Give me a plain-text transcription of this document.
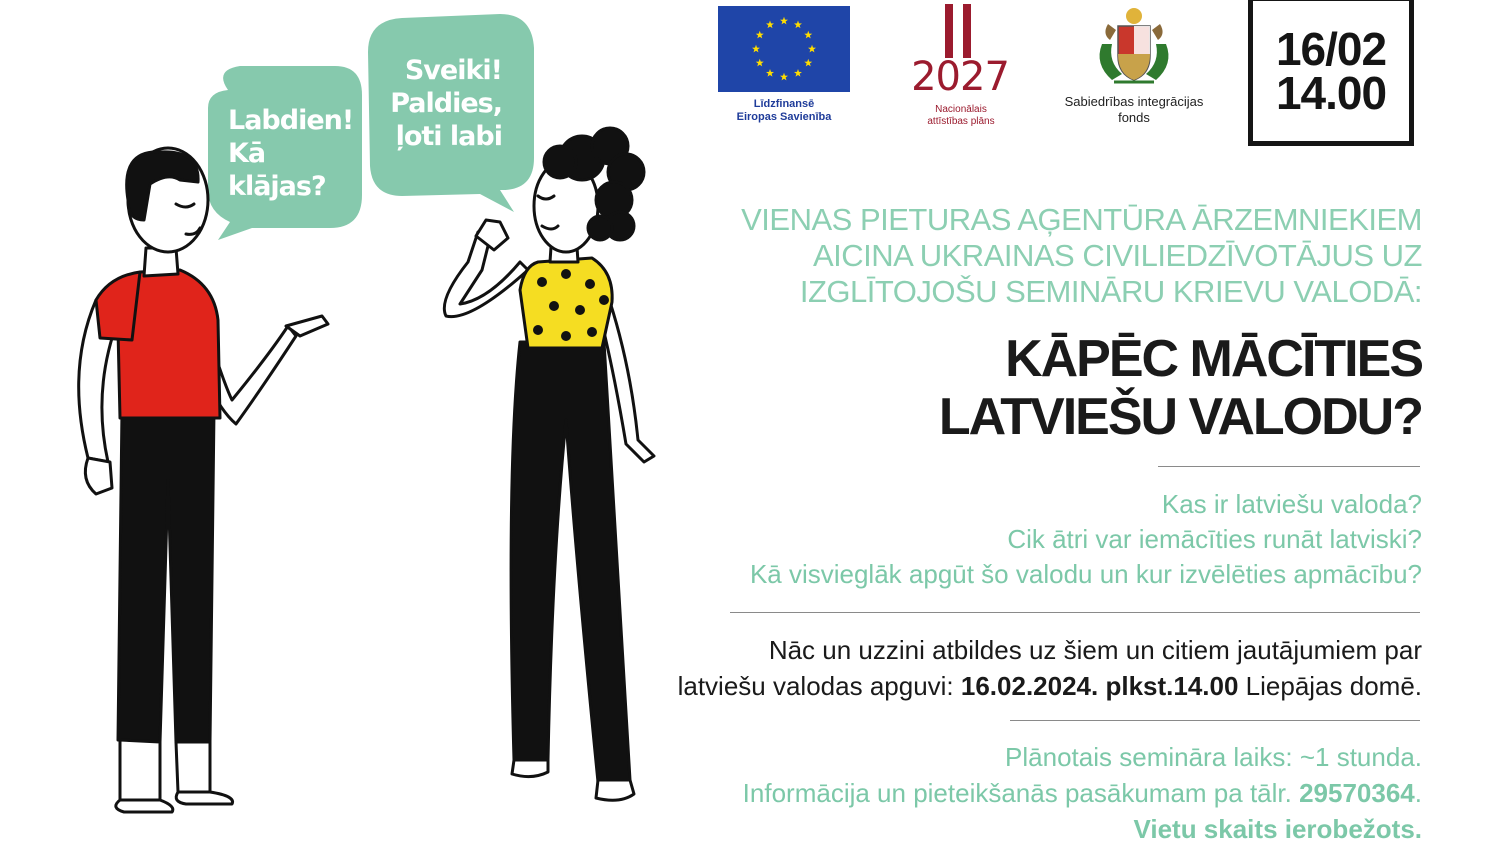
Labdien!
Kā
klājas?
Sveiki!
Paldies,
ļoti labi
Līdzfinansē
Eiropas Savienība
2027
Nacionālais
attīstības plāns
Sabiedrības integrācijas
fonds
16/02
14.00
VIENAS PIETURAS AĢENTŪRA ĀRZEMNIEKIEM
AICINA UKRAINAS CIVILIEDZĪVOTĀJUS UZ
IZGLĪTOJOŠU SEMINĀRU KRIEVU VALODĀ:
KĀPĒC MĀCĪTIES
LATVIEŠU VALODU?
Kas ir latviešu valoda?
Cik ātri var iemācīties runāt latviski?
Kā visvieglāk apgūt šo valodu un kur izvēlēties apmācību?
Nāc un uzzini atbildes uz šiem un citiem jautājumiem par
latviešu valodas apguvi: 16.02.2024. plkst.14.00 Liepājas domē.
Plānotais semināra laiks: ~1 stunda.
Informācija un pieteikšanās pasākumam pa tālr. 29570364.
Vietu skaits ierobežots.
